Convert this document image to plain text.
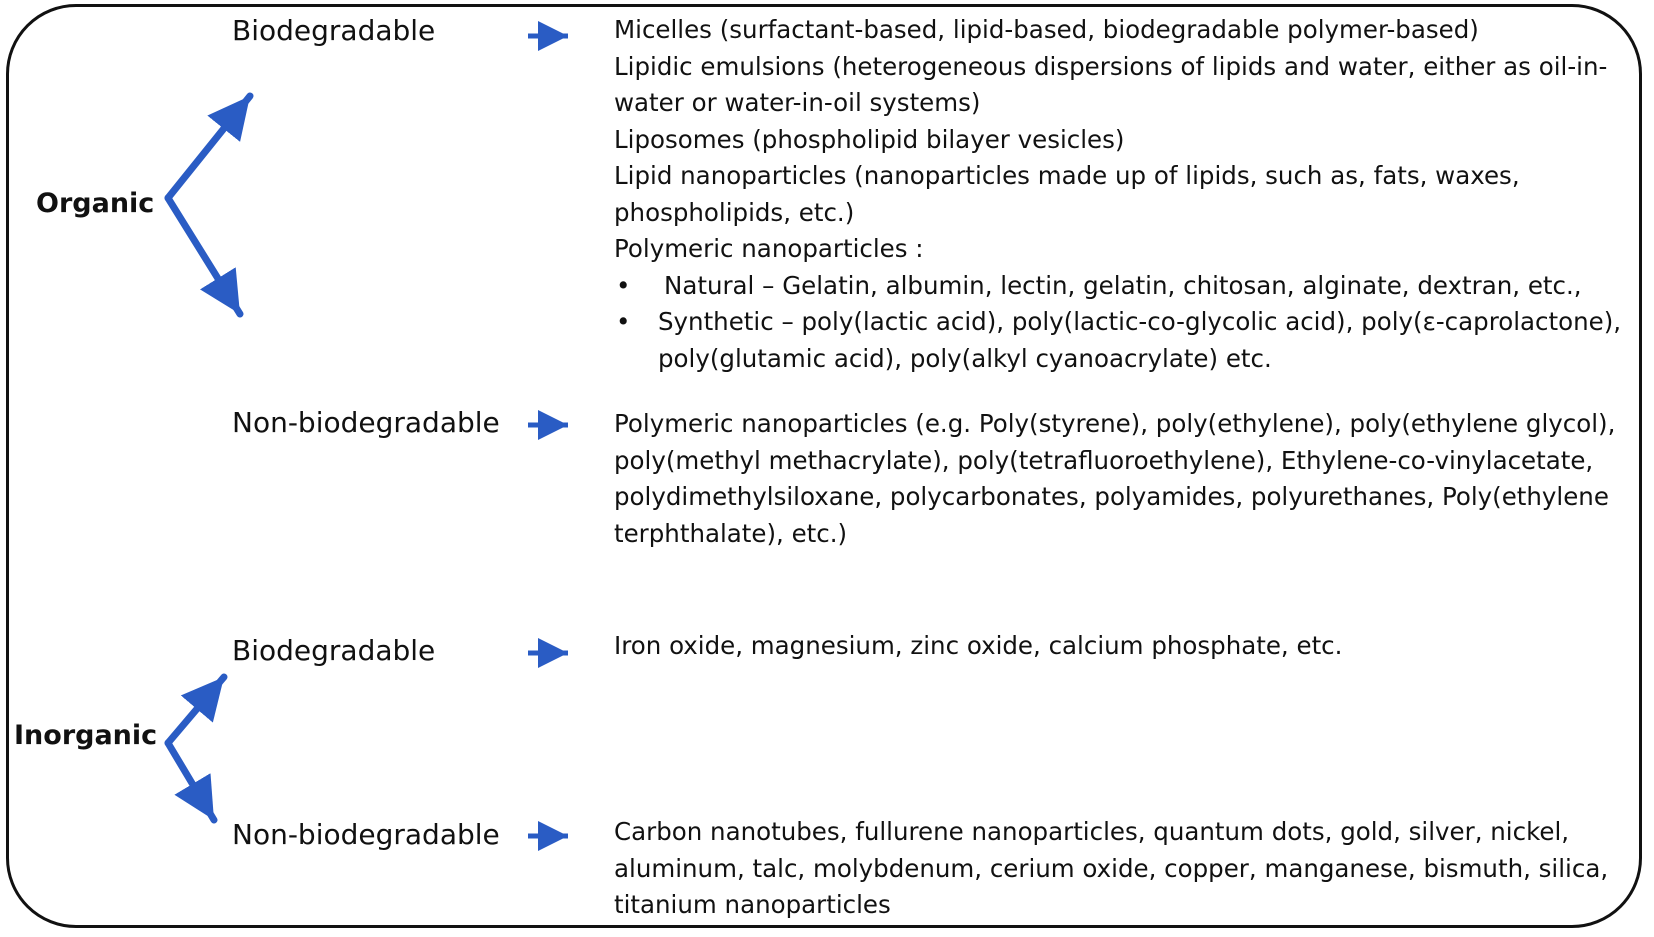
Organic
Inorganic
Biodegradable
Non-biodegradable
Biodegradable
Non-biodegradable
Micelles (surfactant-based, lipid-based, biodegradable polymer-based)
Lipidic emulsions (heterogeneous dispersions of lipids and water, either as oil-in-
water or water-in-oil systems)
Liposomes (phospholipid bilayer vesicles)
Lipid nanoparticles (nanoparticles made up of lipids, such as, fats, waxes,
phospholipids, etc.)
Polymeric nanoparticles :
• Natural – Gelatin, albumin, lectin, gelatin, chitosan, alginate, dextran, etc.,
• Synthetic – poly(lactic acid), poly(lactic-co-glycolic acid), poly(ε-caprolactone),
poly(glutamic acid), poly(alkyl cyanoacrylate) etc.
Polymeric nanoparticles (e.g. Poly(styrene), poly(ethylene), poly(ethylene glycol),
poly(methyl methacrylate), poly(tetrafluoroethylene), Ethylene-co-vinylacetate,
polydimethylsiloxane, polycarbonates, polyamides, polyurethanes, Poly(ethylene
terphthalate), etc.)
Iron oxide, magnesium, zinc oxide, calcium phosphate, etc.
Carbon nanotubes, fullurene nanoparticles, quantum dots, gold, silver, nickel,
aluminum, talc, molybdenum, cerium oxide, copper, manganese, bismuth, silica,
titanium nanoparticles
